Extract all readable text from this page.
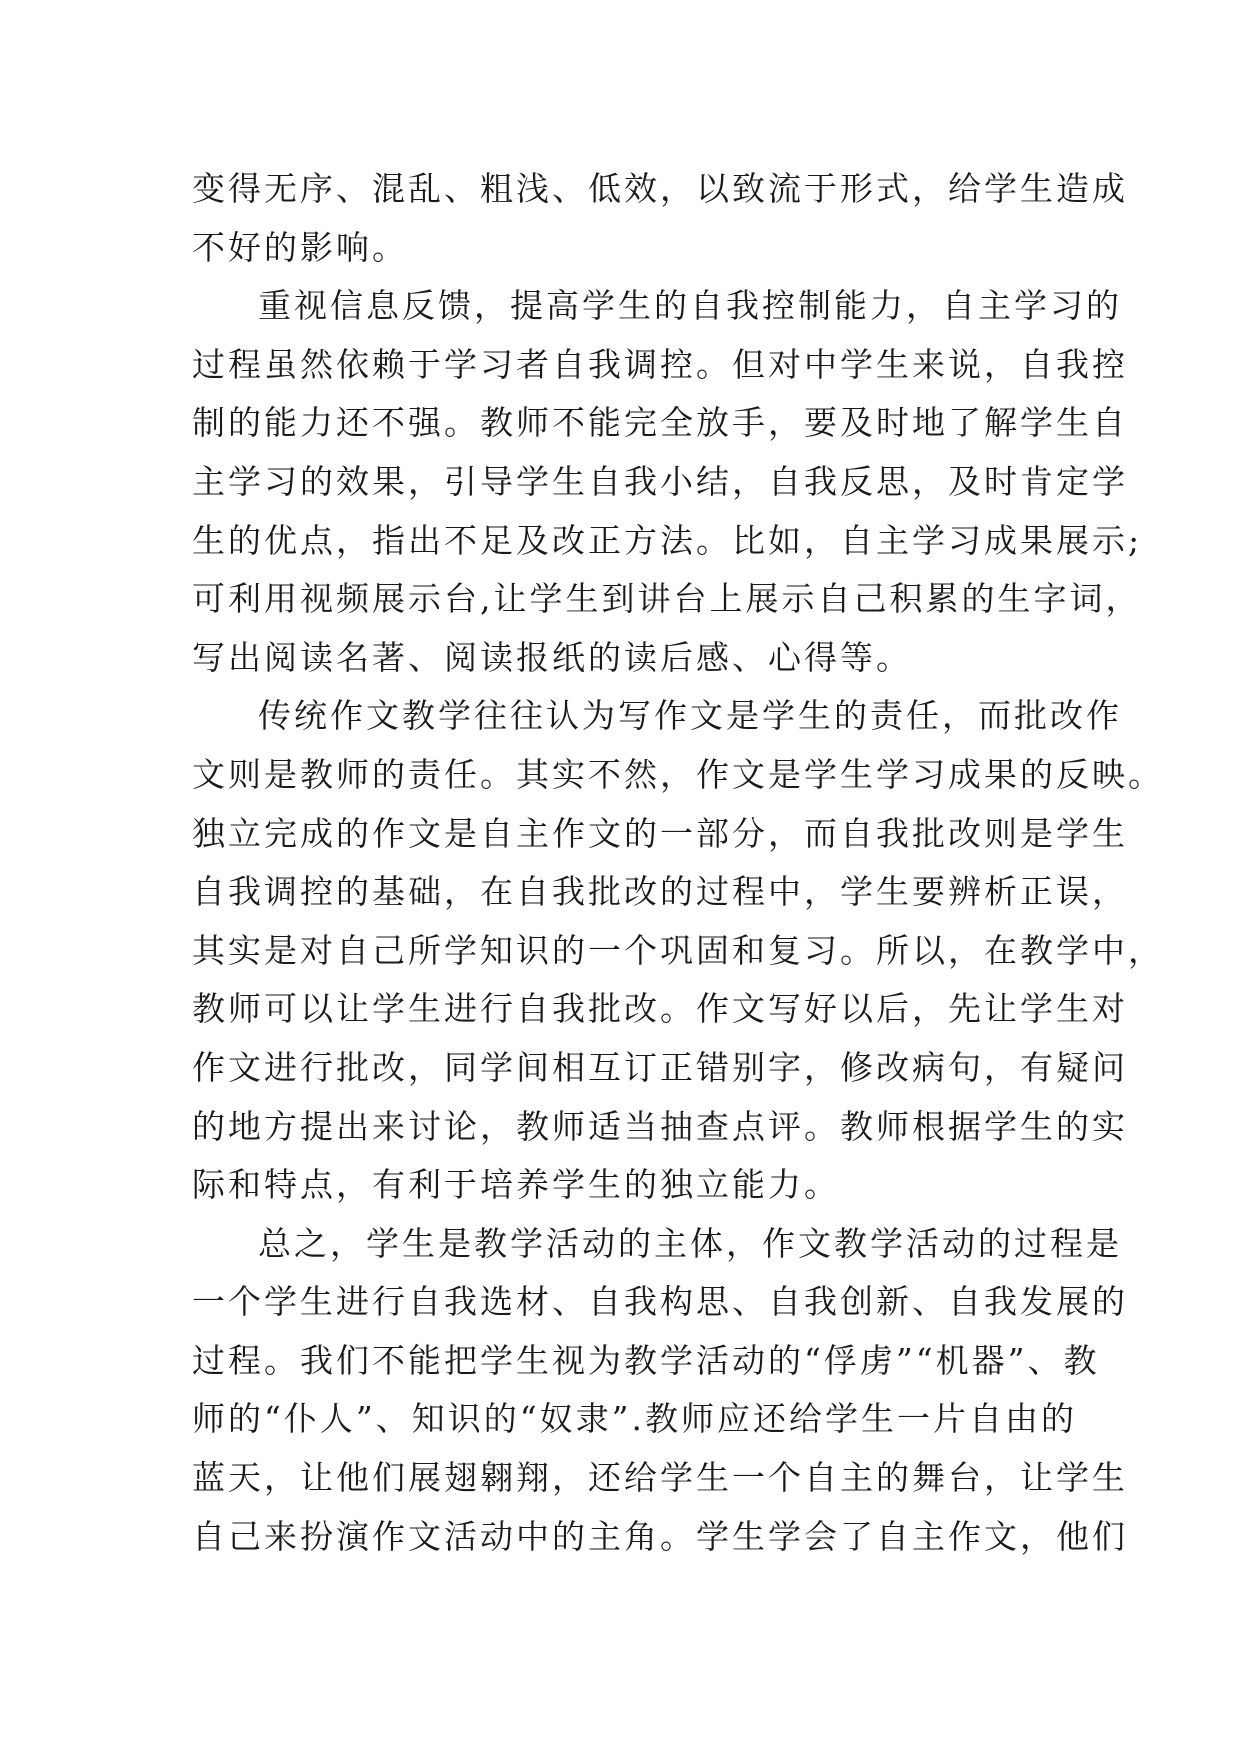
变得无序、混乱、粗浅、低效，以致流于形式，给学生造成
不好的影响。
重视信息反馈，提高学生的自我控制能力，自主学习的
过程虽然依赖于学习者自我调控。但对中学生来说，自我控
制的能力还不强。教师不能完全放手，要及时地了解学生自
主学习的效果，引导学生自我小结，自我反思，及时肯定学
生的优点，指出不足及改正方法。比如，自主学习成果展示;
可利用视频展示台,让学生到讲台上展示自己积累的生字词，
写出阅读名著、阅读报纸的读后感、心得等。
传统作文教学往往认为写作文是学生的责任，而批改作
文则是教师的责任。其实不然，作文是学生学习成果的反映。
独立完成的作文是自主作文的一部分，而自我批改则是学生
自我调控的基础，在自我批改的过程中，学生要辨析正误，
其实是对自己所学知识的一个巩固和复习。所以，在教学中，
教师可以让学生进行自我批改。作文写好以后，先让学生对
作文进行批改，同学间相互订正错别字，修改病句，有疑问
的地方提出来讨论，教师适当抽查点评。教师根据学生的实
际和特点，有利于培养学生的独立能力。
总之，学生是教学活动的主体，作文教学活动的过程是
一个学生进行自我选材、自我构思、自我创新、自我发展的
过程。我们不能把学生视为教学活动的“俘虏”“机器”、教
师的“仆人”、知识的“奴隶”.教师应还给学生一片自由的
蓝天，让他们展翅翱翔，还给学生一个自主的舞台，让学生
自己来扮演作文活动中的主角。学生学会了自主作文，他们
